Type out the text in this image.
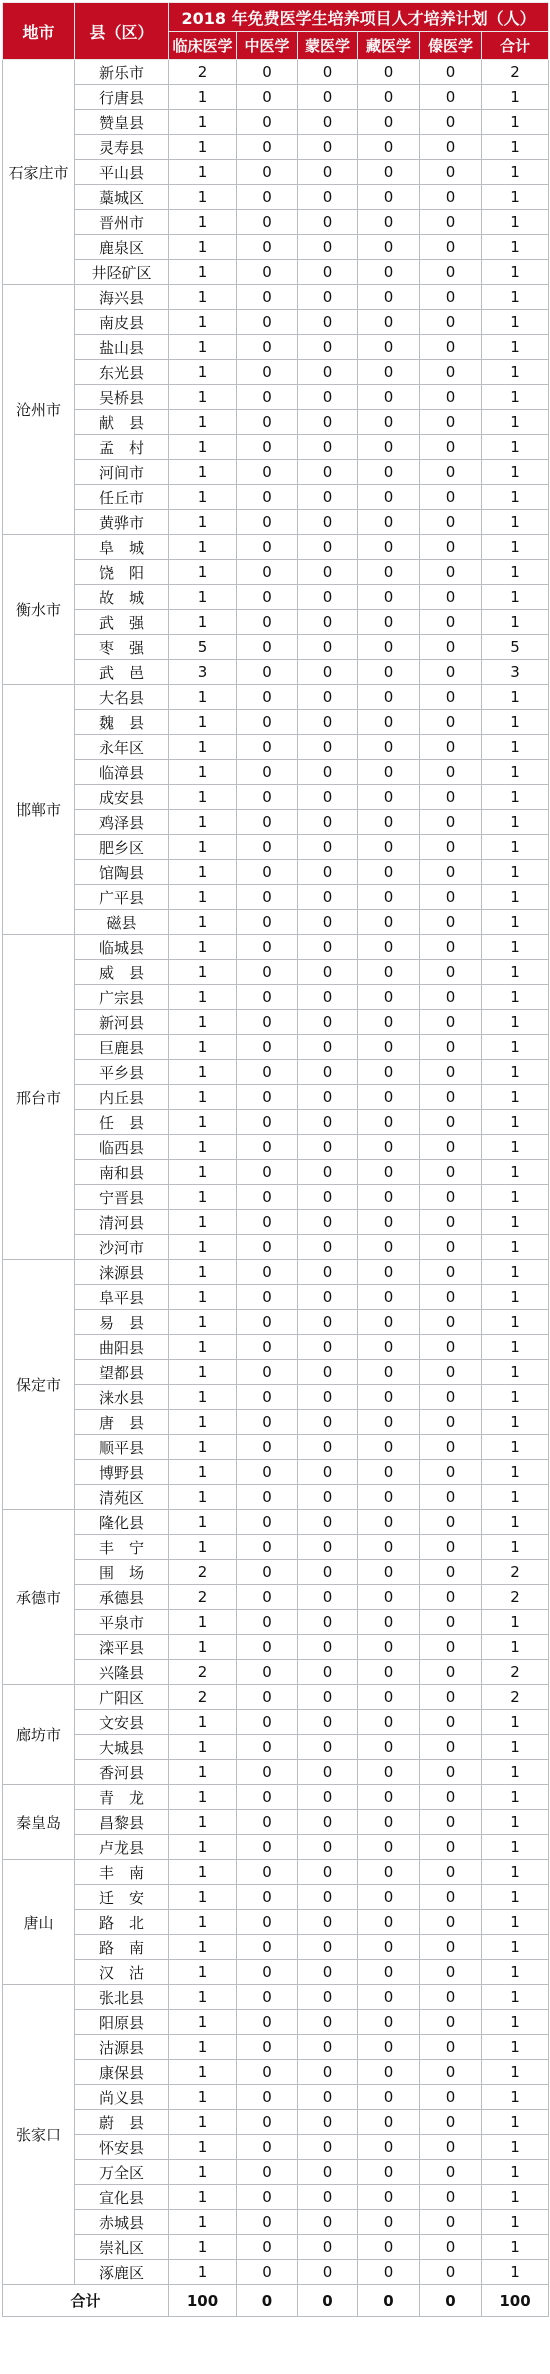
地市	县（区）	2018 年免费医学生培养项目人才培养计划（人）					
		临床医学	中医学	蒙医学	藏医学	傣医学	合计
石家庄市	新乐市	2	0	0	0	0	2
	行唐县	1	0	0	0	0	1
	赞皇县	1	0	0	0	0	1
	灵寿县	1	0	0	0	0	1
	平山县	1	0	0	0	0	1
	藁城区	1	0	0	0	0	1
	晋州市	1	0	0	0	0	1
	鹿泉区	1	0	0	0	0	1
	井陉矿区	1	0	0	0	0	1
沧州市	海兴县	1	0	0	0	0	1
	南皮县	1	0	0	0	0	1
	盐山县	1	0	0	0	0	1
	东光县	1	0	0	0	0	1
	吴桥县	1	0	0	0	0	1
	献　县	1	0	0	0	0	1
	孟　村	1	0	0	0	0	1
	河间市	1	0	0	0	0	1
	任丘市	1	0	0	0	0	1
	黄骅市	1	0	0	0	0	1
衡水市	阜　城	1	0	0	0	0	1
	饶　阳	1	0	0	0	0	1
	故　城	1	0	0	0	0	1
	武　强	1	0	0	0	0	1
	枣　强	5	0	0	0	0	5
	武　邑	3	0	0	0	0	3
邯郸市	大名县	1	0	0	0	0	1
	魏　县	1	0	0	0	0	1
	永年区	1	0	0	0	0	1
	临漳县	1	0	0	0	0	1
	成安县	1	0	0	0	0	1
	鸡泽县	1	0	0	0	0	1
	肥乡区	1	0	0	0	0	1
	馆陶县	1	0	0	0	0	1
	广平县	1	0	0	0	0	1
	磁县	1	0	0	0	0	1
邢台市	临城县	1	0	0	0	0	1
	威　县	1	0	0	0	0	1
	广宗县	1	0	0	0	0	1
	新河县	1	0	0	0	0	1
	巨鹿县	1	0	0	0	0	1
	平乡县	1	0	0	0	0	1
	内丘县	1	0	0	0	0	1
	任　县	1	0	0	0	0	1
	临西县	1	0	0	0	0	1
	南和县	1	0	0	0	0	1
	宁晋县	1	0	0	0	0	1
	清河县	1	0	0	0	0	1
	沙河市	1	0	0	0	0	1
保定市	涞源县	1	0	0	0	0	1
	阜平县	1	0	0	0	0	1
	易　县	1	0	0	0	0	1
	曲阳县	1	0	0	0	0	1
	望都县	1	0	0	0	0	1
	涞水县	1	0	0	0	0	1
	唐　县	1	0	0	0	0	1
	顺平县	1	0	0	0	0	1
	博野县	1	0	0	0	0	1
	清苑区	1	0	0	0	0	1
承德市	隆化县	1	0	0	0	0	1
	丰　宁	1	0	0	0	0	1
	围　场	2	0	0	0	0	2
	承德县	2	0	0	0	0	2
	平泉市	1	0	0	0	0	1
	滦平县	1	0	0	0	0	1
	兴隆县	2	0	0	0	0	2
廊坊市	广阳区	2	0	0	0	0	2
	文安县	1	0	0	0	0	1
	大城县	1	0	0	0	0	1
	香河县	1	0	0	0	0	1
秦皇岛	青　龙	1	0	0	0	0	1
	昌黎县	1	0	0	0	0	1
	卢龙县	1	0	0	0	0	1
唐山	丰　南	1	0	0	0	0	1
	迁　安	1	0	0	0	0	1
	路　北	1	0	0	0	0	1
	路　南	1	0	0	0	0	1
	汉　沽	1	0	0	0	0	1
张家口	张北县	1	0	0	0	0	1
	阳原县	1	0	0	0	0	1
	沽源县	1	0	0	0	0	1
	康保县	1	0	0	0	0	1
	尚义县	1	0	0	0	0	1
	蔚　县	1	0	0	0	0	1
	怀安县	1	0	0	0	0	1
	万全区	1	0	0	0	0	1
	宣化县	1	0	0	0	0	1
	赤城县	1	0	0	0	0	1
	崇礼区	1	0	0	0	0	1
	涿鹿区	1	0	0	0	0	1
合计		100	0	0	0	0	100
